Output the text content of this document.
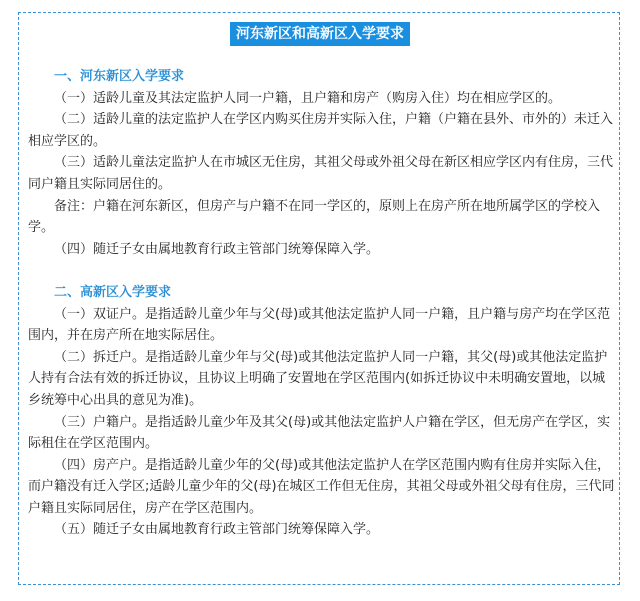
河东新区和高新区入学要求
一、河东新区入学要求

（一）适龄儿童及其法定监护人同一户籍，且户籍和房产（购房入住）均在相应学区的。

（二）适龄儿童的法定监护人在学区内购买住房并实际入住，户籍（户籍在县外、市外的）未迁入相应学区的。

（三）适龄儿童法定监护人在市城区无住房，其祖父母或外祖父母在新区相应学区内有住房，三代同户籍且实际同居住的。

备注：户籍在河东新区，但房产与户籍不在同一学区的，原则上在房产所在地所属学区的学校入学。

（四）随迁子女由属地教育行政主管部门统筹保障入学。

二、高新区入学要求

（一）双证户。是指适龄儿童少年与父(母)或其他法定监护人同一户籍，且户籍与房产均在学区范围内，并在房产所在地实际居住。

（二）拆迁户。是指适龄儿童少年与父(母)或其他法定监护人同一户籍，其父(母)或其他法定监护人持有合法有效的拆迁协议，且协议上明确了安置地在学区范围内(如拆迁协议中未明确安置地，以城乡统筹中心出具的意见为准)。

（三）户籍户。是指适龄儿童少年及其父(母)或其他法定监护人户籍在学区，但无房产在学区，实际租住在学区范围内。

（四）房产户。是指适龄儿童少年的父(母)或其他法定监护人在学区范围内购有住房并实际入住，而户籍没有迁入学区;适龄儿童少年的父(母)在城区工作但无住房，其祖父母或外祖父母有住房，三代同户籍且实际同居住，房产在学区范围内。

（五）随迁子女由属地教育行政主管部门统筹保障入学。
